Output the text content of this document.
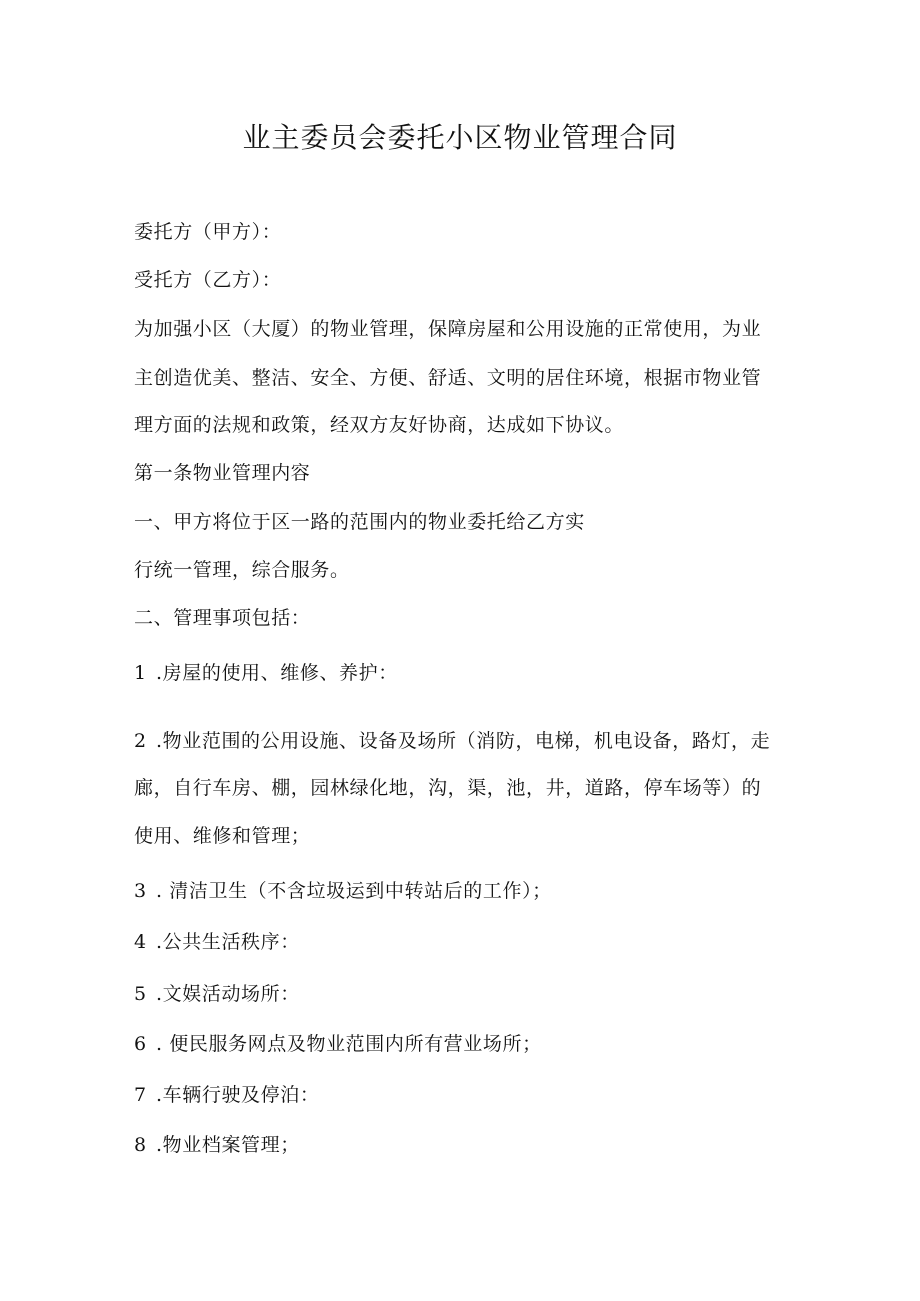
业主委员会委托小区物业管理合同
委托方（甲方）：
受托方（乙方）：
为加强小区（大厦）的物业管理，保障房屋和公用设施的正常使用，为业
主创造优美、整洁、安全、方便、舒适、文明的居住环境，根据市物业管
理方面的法规和政策，经双方友好协商，达成如下协议。
第一条物业管理内容
一、甲方将位于区一路的范围内的物业委托给乙方实
行统一管理，综合服务。
二、管理事项包括：
1 .房屋的使用、维修、养护：
2 .物业范围的公用设施、设备及场所（消防，电梯，机电设备，路灯，走
廊，自行车房、棚，园林绿化地，沟，渠，池，井，道路，停车场等）的
使用、维修和管理；
3 . 清洁卫生（不含垃圾运到中转站后的工作）；
4 .公共生活秩序：
5 .文娱活动场所：
6 . 便民服务网点及物业范围内所有营业场所；
7 .车辆行驶及停泊：
8 .物业档案管理；
